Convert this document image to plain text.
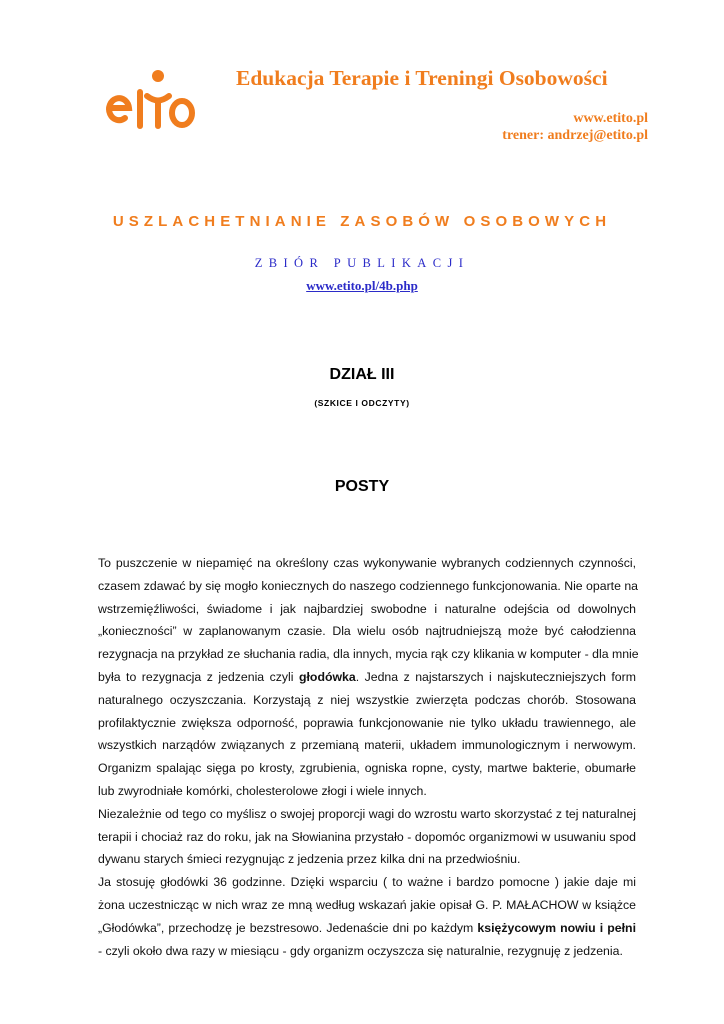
Edukacja Terapie i Treningi Osobowości
www.etito.pl
trener: andrzej@etito.pl
USZLACHETNIANIE ZASOBÓW OSOBOWYCH
ZBIÓR PUBLIKACJI
www.etito.pl/4b.php
DZIAŁ III
(SZKICE I ODCZYTY)
POSTY
To puszczenie w niepamięć na określony czas wykonywanie wybranych codziennych czynności,
czasem zdawać by się mogło koniecznych do naszego codziennego funkcjonowania. Nie oparte na
wstrzemięźliwości, świadome i jak najbardziej swobodne i naturalne odejścia od dowolnych
„konieczności” w zaplanowanym czasie. Dla wielu osób najtrudniejszą może być całodzienna
rezygnacja na przykład ze słuchania radia, dla innych, mycia rąk czy klikania w komputer - dla mnie
była to rezygnacja z jedzenia czyli głodówka. Jedna z najstarszych i najskuteczniejszych form
naturalnego oczyszczania. Korzystają z niej wszystkie zwierzęta podczas chorób. Stosowana
profilaktycznie zwiększa odporność, poprawia funkcjonowanie nie tylko układu trawiennego, ale
wszystkich narządów związanych z przemianą materii, układem immunologicznym i nerwowym.
Organizm spalając sięga po krosty, zgrubienia, ogniska ropne, cysty, martwe bakterie, obumarłe
lub zwyrodniałe komórki, cholesterolowe złogi i wiele innych.
Niezależnie od tego co myślisz o swojej proporcji wagi do wzrostu warto skorzystać z tej naturalnej
terapii i chociaż raz do roku, jak na Słowianina przystało - dopomóc organizmowi w usuwaniu spod
dywanu starych śmieci rezygnując z jedzenia przez kilka dni na przedwiośniu.
Ja stosuję głodówki 36 godzinne. Dzięki wsparciu ( to ważne i bardzo pomocne ) jakie daje mi
żona uczestnicząc w nich wraz ze mną według wskazań jakie opisał G. P. MAŁACHOW w książce
„Głodówka”, przechodzę je bezstresowo. Jedenaście dni po każdym księżycowym nowiu i pełni
- czyli około dwa razy w miesiącu - gdy organizm oczyszcza się naturalnie, rezygnuję z jedzenia.
